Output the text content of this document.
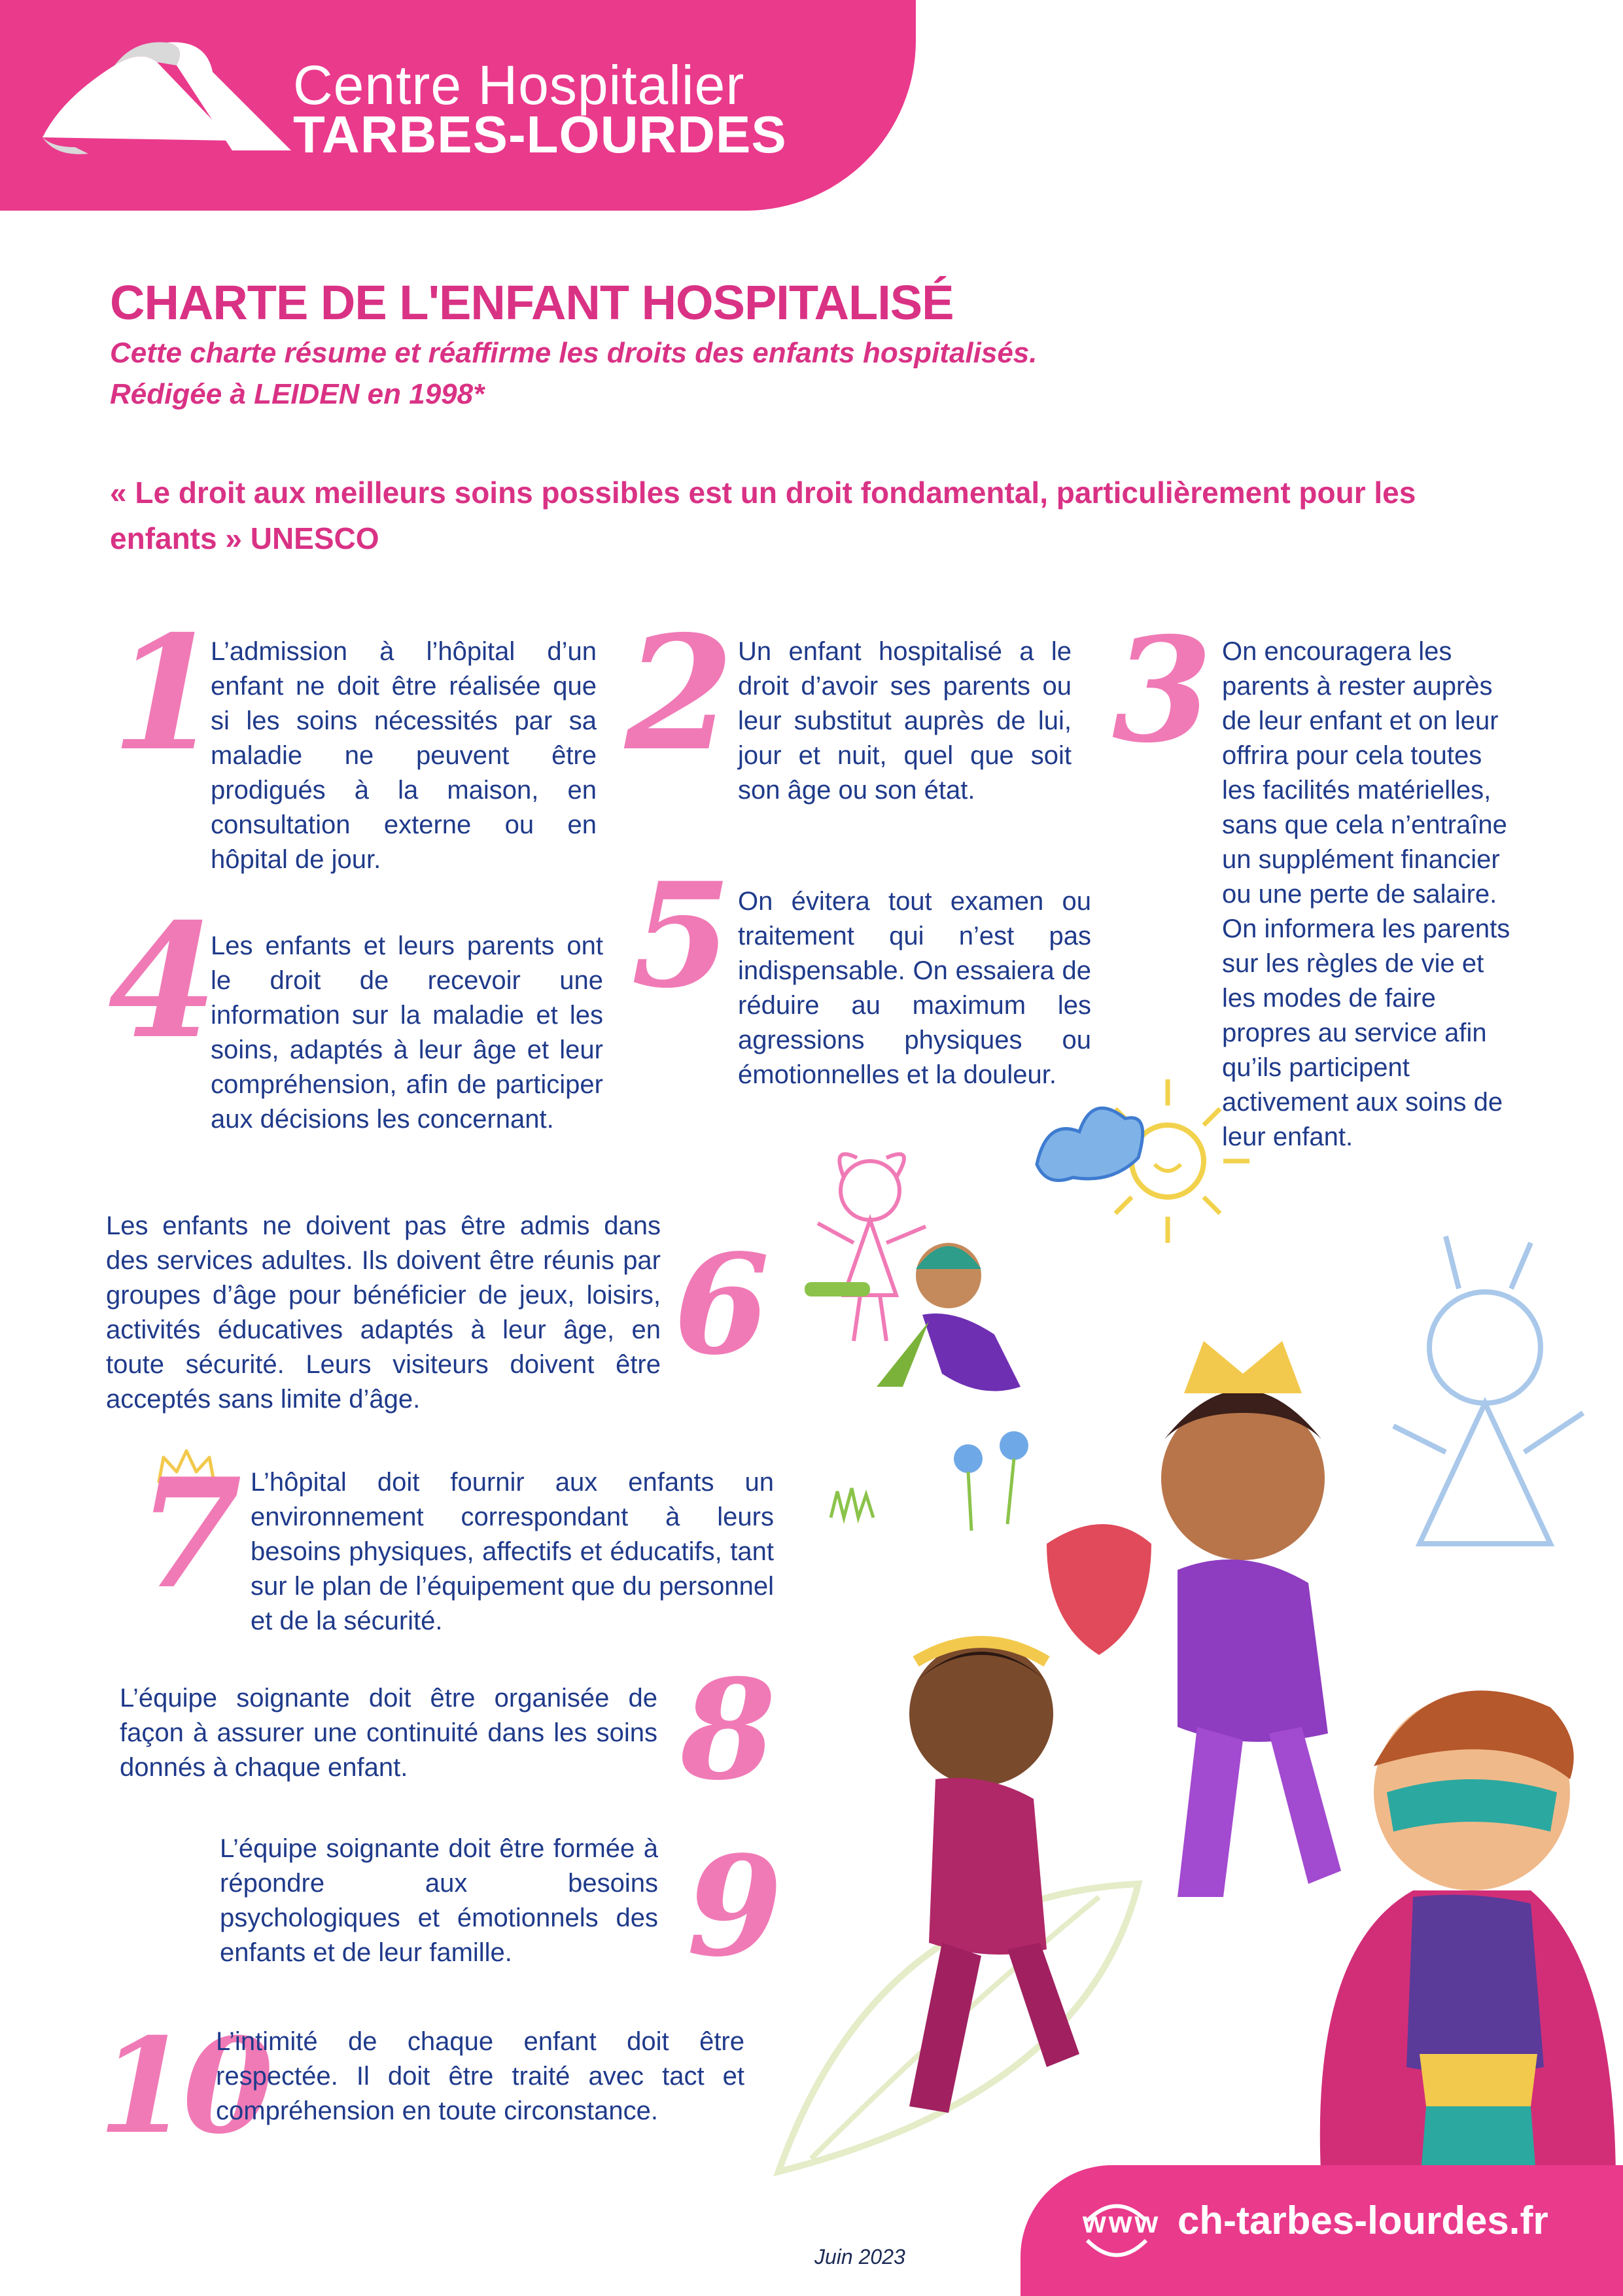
Centre Hospitalier
TARBES-LOURDES
CHARTE DE L'ENFANT HOSPITALISÉ
Cette charte résume et réaffirme les droits des enfants hospitalisés.
Rédigée à LEIDEN en 1998*
« Le droit aux meilleurs soins possibles est un droit fondamental, particulièrement pour les enfants » UNESCO
1
L’admission à l’hôpital d’un enfant ne doit être réalisée que si les soins nécessités par sa maladie ne peuvent être prodigués à la maison, en consultation externe ou en hôpital de jour.
2 Un enfant hospitalisé a le droit d’avoir ses parents ou leur substitut auprès de lui, jour et nuit, quel que soit son âge ou son état.
3 On encouragera les parents à rester auprès de leur enfant et on leur offrira pour cela toutes les facilités matérielles, sans que cela n’entraîne un supplément financier ou une perte de salaire. On informera les parents sur les règles de vie et les modes de faire propres au service afin qu’ils participent activement aux soins de leur enfant.
4 Les enfants et leurs parents ont le droit de recevoir une information sur la maladie et les soins, adaptés à leur âge et leur compréhension, afin de participer aux décisions les concernant.
5 On évitera tout examen ou traitement qui n’est pas indispensable. On essaiera de réduire au maximum les agressions physiques ou émotionnelles et la douleur.
Les enfants ne doivent pas être admis dans des services adultes. Ils doivent être réunis par groupes d’âge pour bénéficier de jeux, loisirs, activités éducatives adaptés à leur âge, en toute sécurité. Leurs visiteurs doivent être acceptés sans limite d’âge.
6
7 L’hôpital doit fournir aux enfants un environnement correspondant à leurs besoins physiques, affectifs et éducatifs, tant sur le plan de l’équipement que du personnel et de la sécurité.
L’équipe soignante doit être organisée de façon à assurer une continuité dans les soins donnés à chaque enfant.	8
L’équipe soignante doit être formée à répondre aux besoins psychologiques et émotionnels des enfants et de leur famille.	9
10
L’intimité de chaque enfant doit être respectée. Il doit être traité avec tact et compréhension en toute circonstance.
www ch-tarbes-lourdes.fr
Juin 2023
